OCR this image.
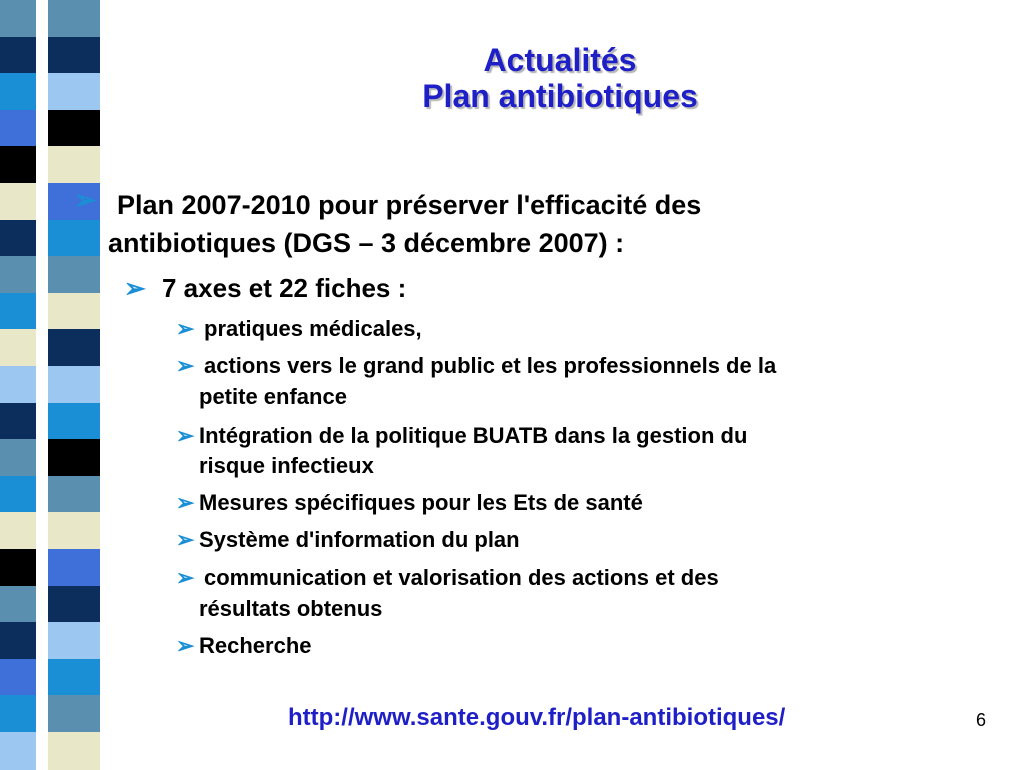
Actualités
Plan antibiotiques
➢ Plan 2007-2010 pour préserver l'efficacité des
antibiotiques (DGS – 3 décembre 2007) :
➢ 7 axes et 22 fiches :
➢ pratiques médicales,
➢ actions vers le grand public et les professionnels de la
petite enfance
➢ Intégration de la politique BUATB dans la gestion du
risque infectieux
➢ Mesures spécifiques pour les Ets de santé
➢ Système d'information du plan
➢ communication et valorisation des actions et des
résultats obtenus
➢ Recherche
http://www.sante.gouv.fr/plan-antibiotiques/	6
